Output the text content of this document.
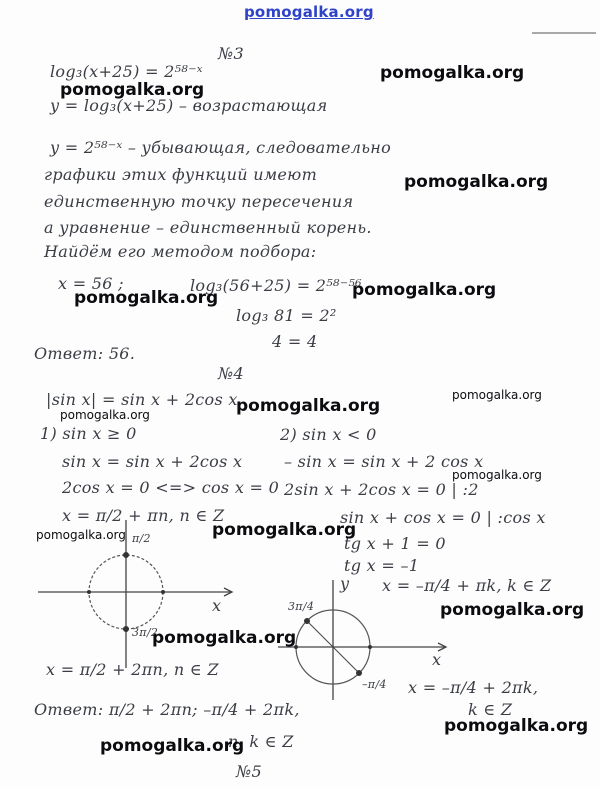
pomogalka.org
№3
log₃(x+25) = 2⁵⁸⁻ˣ
y = log₃(x+25) – возрастающая
y = 2⁵⁸⁻ˣ – убывающая, следовательно
графики этих функций имеют
единственную точку пересечения
а уравнение – единственный корень.
Найдём его методом подбора:
x = 56 ;	log₃(56+25) = 2⁵⁸⁻⁵⁶
log₃ 81 = 2²
4 = 4
Ответ: 56.
№4
|sin x| = sin x + 2cos x
1) sin x ≥ 0
sin x = sin x + 2cos x
2cos x = 0 <=> cos x = 0
x = π/2 + πn, n ∈ Z
2) sin x < 0
– sin x = sin x + 2 cos x
2sin x + 2cos x = 0 | :2
sin x + cos x = 0 | :cos x
tg x + 1 = 0
tg x = –1
x = –π/4 + πk, k ∈ Z
π/2
3π/2
x
y
3π/4
–π/4
x
x = π/2 + 2πn, n ∈ Z
x = –π/4 + 2πk,
k ∈ Z
Ответ: π/2 + 2πn; –π/4 + 2πk,
n, k ∈ Z
№5
pomogalka.org
pomogalka.org
pomogalka.org
pomogalka.org	pomogalka.org
pomogalka.org
pomogalka.org
pomogalka.org
pomogalka.org
pomogalka.org	pomogalka.org
pomogalka.org
pomogalka.org
pomogalka.org
pomogalka.org
